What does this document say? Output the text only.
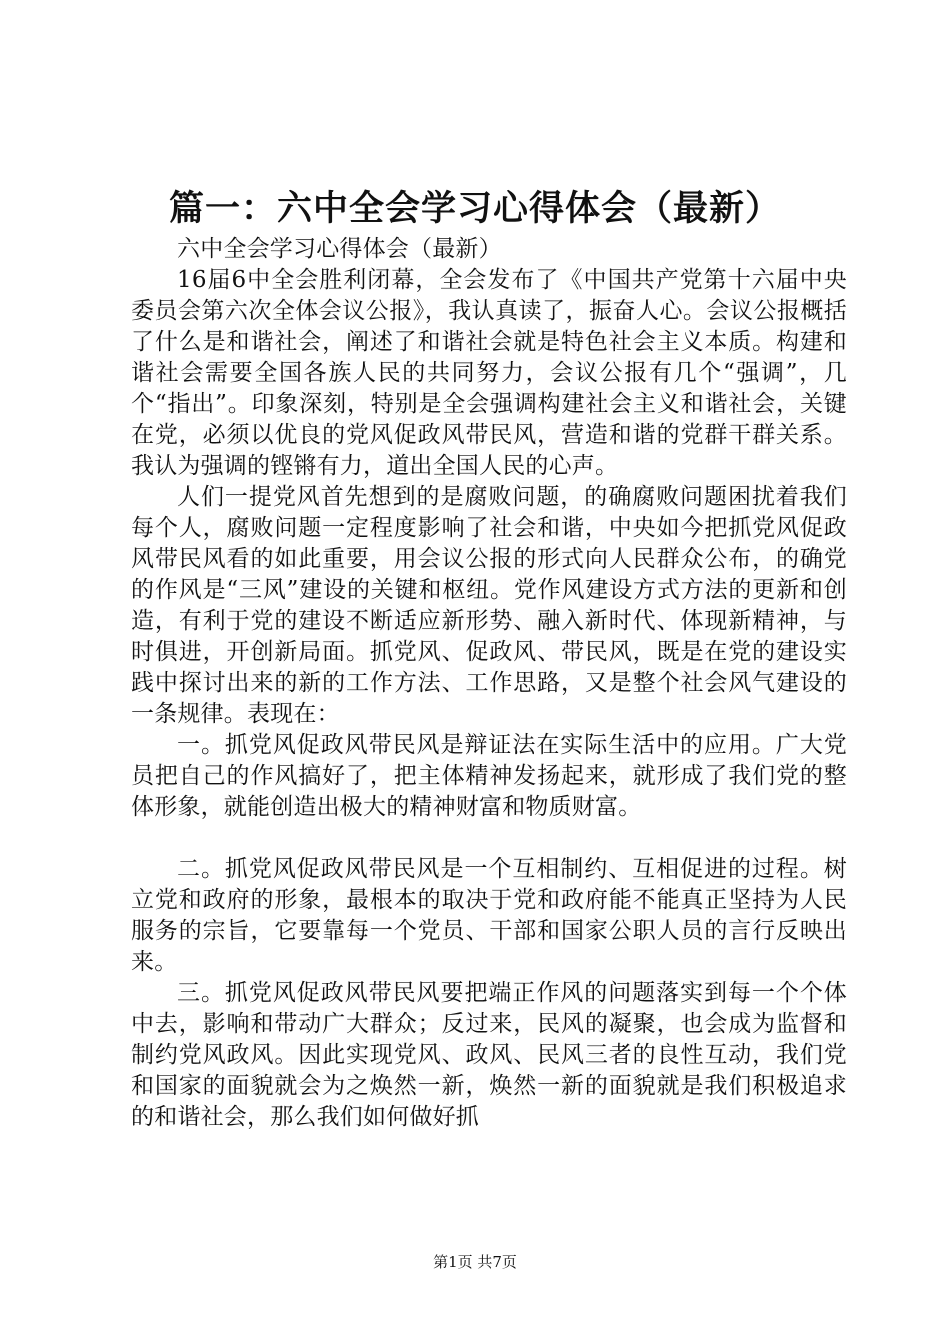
篇一：六中全会学习心得体会（最新）

六中全会学习心得体会（最新）

16届6中全会胜利闭幕，全会发布了《中国共产党第十六届中央委员会第六次全体会议公报》，我认真读了，振奋人心。会议公报概括了什么是和谐社会，阐述了和谐社会就是特色社会主义本质。构建和谐社会需要全国各族人民的共同努力，会议公报有几个“强调”，几个“指出”。印象深刻，特别是全会强调构建社会主义和谐社会，关键在党，必须以优良的党风促政风带民风，营造和谐的党群干群关系。我认为强调的铿锵有力，道出全国人民的心声。

人们一提党风首先想到的是腐败问题，的确腐败问题困扰着我们每个人，腐败问题一定程度影响了社会和谐，中央如今把抓党风促政风带民风看的如此重要，用会议公报的形式向人民群众公布，的确党的作风是“三风”建设的关键和枢纽。党作风建设方式方法的更新和创造，有利于党的建设不断适应新形势、融入新时代、体现新精神，与时俱进，开创新局面。抓党风、促政风、带民风，既是在党的建设实践中探讨出来的新的工作方法、工作思路，又是整个社会风气建设的一条规律。表现在：

一。抓党风促政风带民风是辩证法在实际生活中的应用。广大党员把自己的作风搞好了，把主体精神发扬起来，就形成了我们党的整体形象，就能创造出极大的精神财富和物质财富。

二。抓党风促政风带民风是一个互相制约、互相促进的过程。树立党和政府的形象，最根本的取决于党和政府能不能真正坚持为人民服务的宗旨，它要靠每一个党员、干部和国家公职人员的言行反映出来。

三。抓党风促政风带民风要把端正作风的问题落实到每一个个体中去，影响和带动广大群众；反过来，民风的凝聚，也会成为监督和制约党风政风。因此实现党风、政风、民风三者的良性互动，我们党和国家的面貌就会为之焕然一新，焕然一新的面貌就是我们积极追求的和谐社会，那么我们如何做好抓

第1页 共7页
